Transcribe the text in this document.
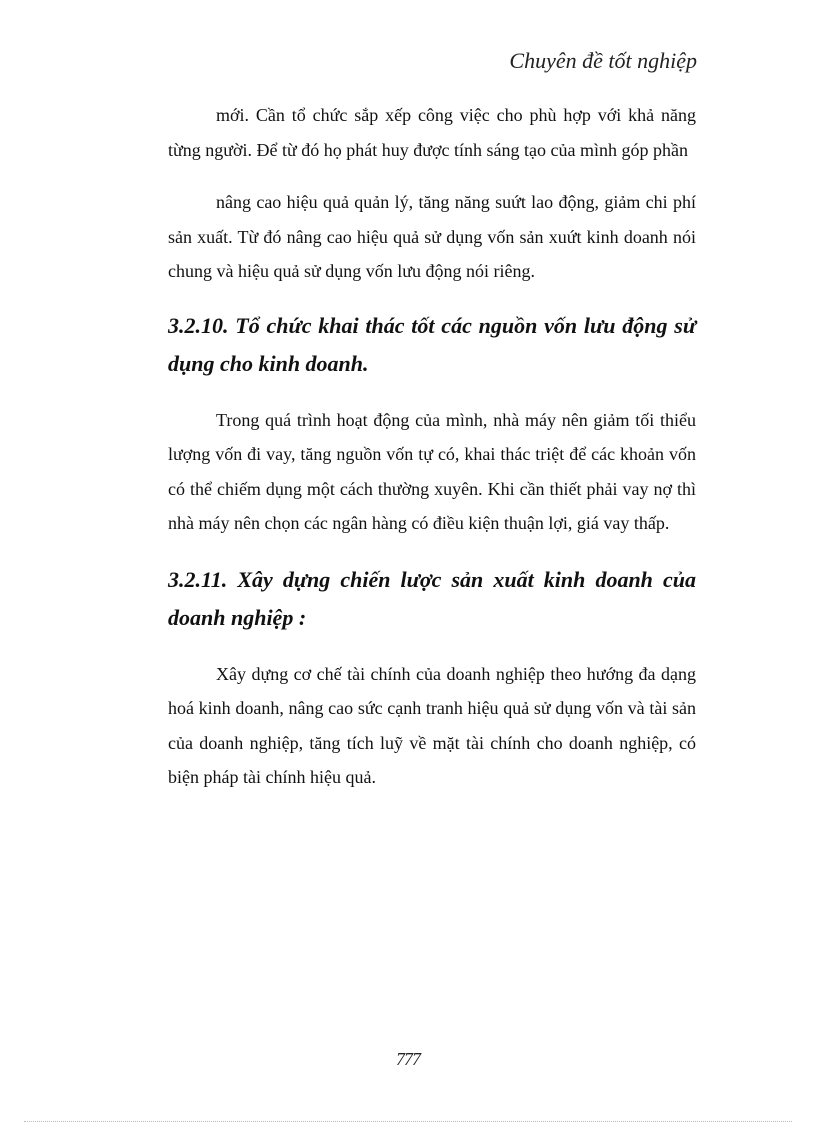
Chuyên đề tốt nghiệp

mới. Cần tổ chức sắp xếp công việc cho phù hợp với khả năng từng người. Để từ đó họ phát huy được tính sáng tạo của mình góp phần

nâng cao hiệu quả quản lý, tăng năng suứt lao động, giảm chi phí sản xuất. Từ đó nâng cao hiệu quả sử dụng vốn sản xuứt kinh doanh nói chung và hiệu quả sử dụng vốn lưu động nói riêng.

3.2.10. Tổ chức khai thác tốt các nguồn vốn lưu động sử dụng cho kinh doanh.

Trong quá trình hoạt động của mình, nhà máy nên giảm tối thiểu lượng vốn đi vay, tăng nguồn vốn tự có, khai thác triệt để các khoản vốn có thể chiếm dụng một cách thường xuyên. Khi cần thiết phải vay nợ thì nhà máy nên chọn các ngân hàng có điều kiện thuận lợi, giá vay thấp.

3.2.11. Xây dựng chiến lược sản xuất kinh doanh của doanh nghiệp :

Xây dựng cơ chế tài chính của doanh nghiệp theo hướng đa dạng hoá kinh doanh, nâng cao sức cạnh tranh hiệu quả sử dụng vốn và tài sản của doanh nghiệp, tăng tích luỹ về mặt tài chính cho doanh nghiệp, có biện pháp tài chính hiệu quả.

777
